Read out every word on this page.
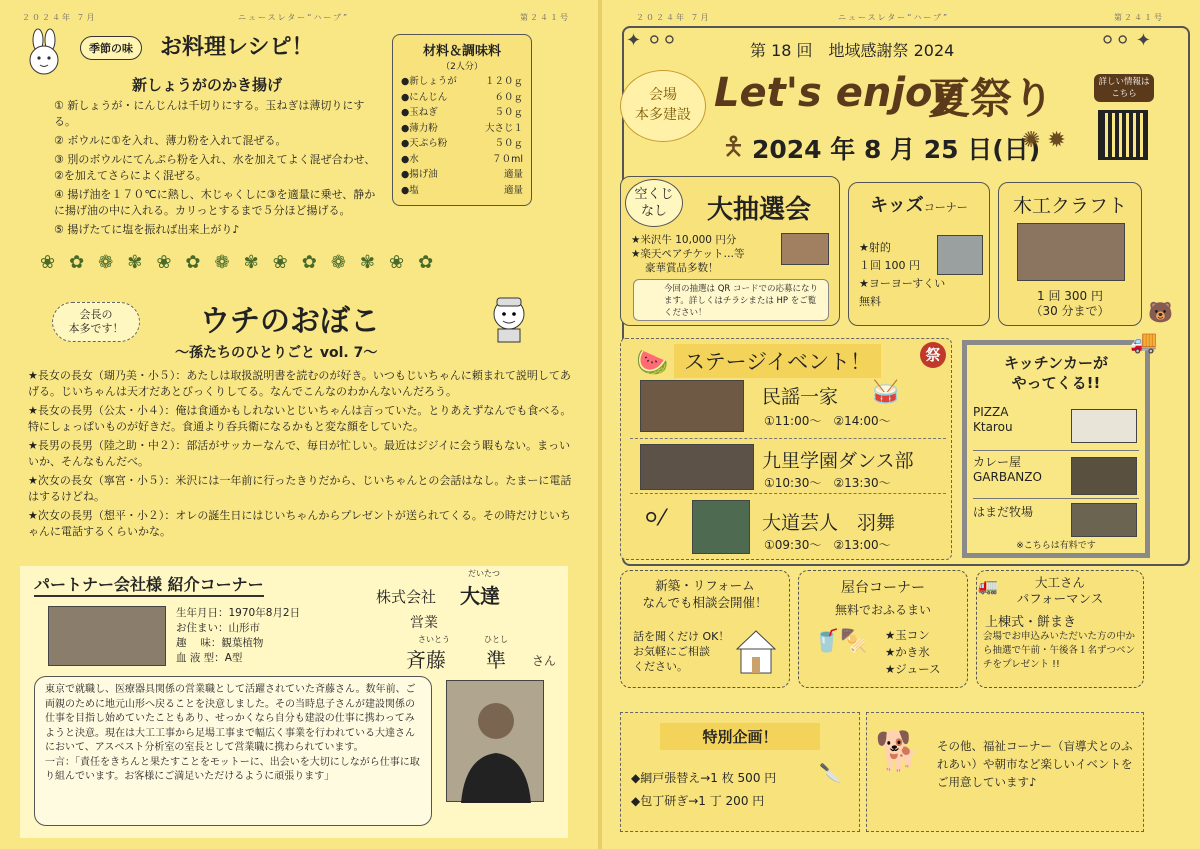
２０２４年 ７月	ニュースレター“ハーブ”	第２４１号
季節の味	お料理レシピ！
新しょうがのかき揚げ
① 新しょうが・にんじんは千切りにする。玉ねぎは薄切りにする。
② ボウルに①を入れ、薄力粉を入れて混ぜる。
③ 別のボウルにてんぷら粉を入れ、水を加えてよく混ぜ合わせ、②を加えてさらによく混ぜる。
④ 揚げ油を１７０℃に熱し、木じゃくしに③を適量に乗せ、静かに揚げ油の中に入れる。カリっとするまで５分ほど揚げる。
⑤ 揚げたてに塩を振れば出来上がり♪
材料＆調味料
（2人分）
●新しょうが	１２０ｇ
●にんじん	６０ｇ
●玉ねぎ	５０ｇ
●薄力粉	大さじ１
●天ぷら粉	５０ｇ
●水	７０ml
●揚げ油	適量
●塩	適量
❀✿❁✾❀✿❁✾❀✿❁✾❀✿
会長の
本多です！	ウチのおぼこ
～孫たちのひとりごと vol. 7～

★長女の長女（瑚乃美・小５）：あたしは取扱説明書を読むのが好き。いつもじいちゃんに頼まれて説明してあげる。じいちゃんは天才だあとびっくりしてる。なんでこんなのわかんないんだろう。

★長女の長男（公太・小４）：俺は食通かもしれないとじいちゃんは言っていた。とりあえずなんでも食べる。特にしょっぱいものが好きだ。食通より呑兵衛になるかもと変な顔をしていた。

★長男の長男（陸之助・中２）：部活がサッカーなんで、毎日が忙しい。最近はジジイに会う暇もない。まっいいか、そんなもんだべ。

★次女の長女（寧宮・小５）：米沢には一年前に行ったきりだから、じいちゃんとの会話はなし。たまーに電話はするけどね。

★次女の長男（想平・小２）：オレの誕生日にはじいちゃんからプレゼントが送られてくる。その時だけじいちゃんに電話するくらいかな。

パートナー会社様 紹介コーナー
生年月日：1970年8月2日
お住まい：山形市
趣　 味：観葉植物
血 液 型：A型
株式会社
だいたつ
大達
営業
さいとう
斉藤
ひとし
準 さん

東京で就職し、医療器具関係の営業職として活躍されていた斉藤さん。数年前、ご両親のために地元山形へ戻ることを決意しました。その当時息子さんが建設関係の仕事を目指し始めていたこともあり、せっかくなら自分も建設の仕事に携わってみようと決意。現在は大工工事から足場工事まで幅広く事業を行われている大達さんにおいて、アスベスト分析室の室長として営業職に携わられています。

一言：「責任をきちんと果たすことをモットーに、出会いを大切にしながら仕事に取り組んでいます。お客様にご満足いただけるように頑張ります」

２０２４年 ７月	ニュースレター“ハーブ”	第２４１号
✦ ⚪⚪	⚪⚪ ✦
第 18 回　地域感謝祭 2024
会場
本多建設 Let's enjoy
夏祭り	詳しい情報は
こちら
2024 年 8 月 25 日(日)
🯅	✺ ✹
空くじ
なし	大抽選会
★米沢牛 10,000 円分
★楽天ペアチケット…等
豪華賞品多数！
今回の抽選は QR コードでの応募になります。詳しくはチラシまたは HP をご覧ください！
キッズコーナー
★射的
１回 100 円
★ヨーヨーすくい
無料
木工クラフト
1 回 300 円
（30 分まで）	🐻
ステージイベント！	祭
🍉
民謡一家
①11:00～　②14:00～
🥁
九里学園ダンス部
①10:30～　②13:30～
⚪⁄	大道芸人　羽舞
①09:30～　②13:00～
キッチンカーが
やってくる!!
PIZZA
Ktarou
カレー屋
GARBANZO
はまだ牧場
※こちらは有料です
🚚
新築・リフォーム
なんでも相談会開催！
話を聞くだけ OK！
お気軽にご相談
ください。
屋台コーナー
無料でおふるまい
★玉コン
★かき氷
★ジュース
🥤🍢
大工さん
パフォーマンス
上棟式・餅まき
会場でお申込みいただいた方の中から抽選で午前・午後各１名ずつベンチをプレゼント !!
🚛
特別企画！
◆網戸張替え→1 枚 500 円
◆包丁研ぎ→1 丁 200 円
🔪
🐕 その他、福祉コーナー（盲導犬とのふれあい）や朝市など楽しいイベントをご用意しています♪
